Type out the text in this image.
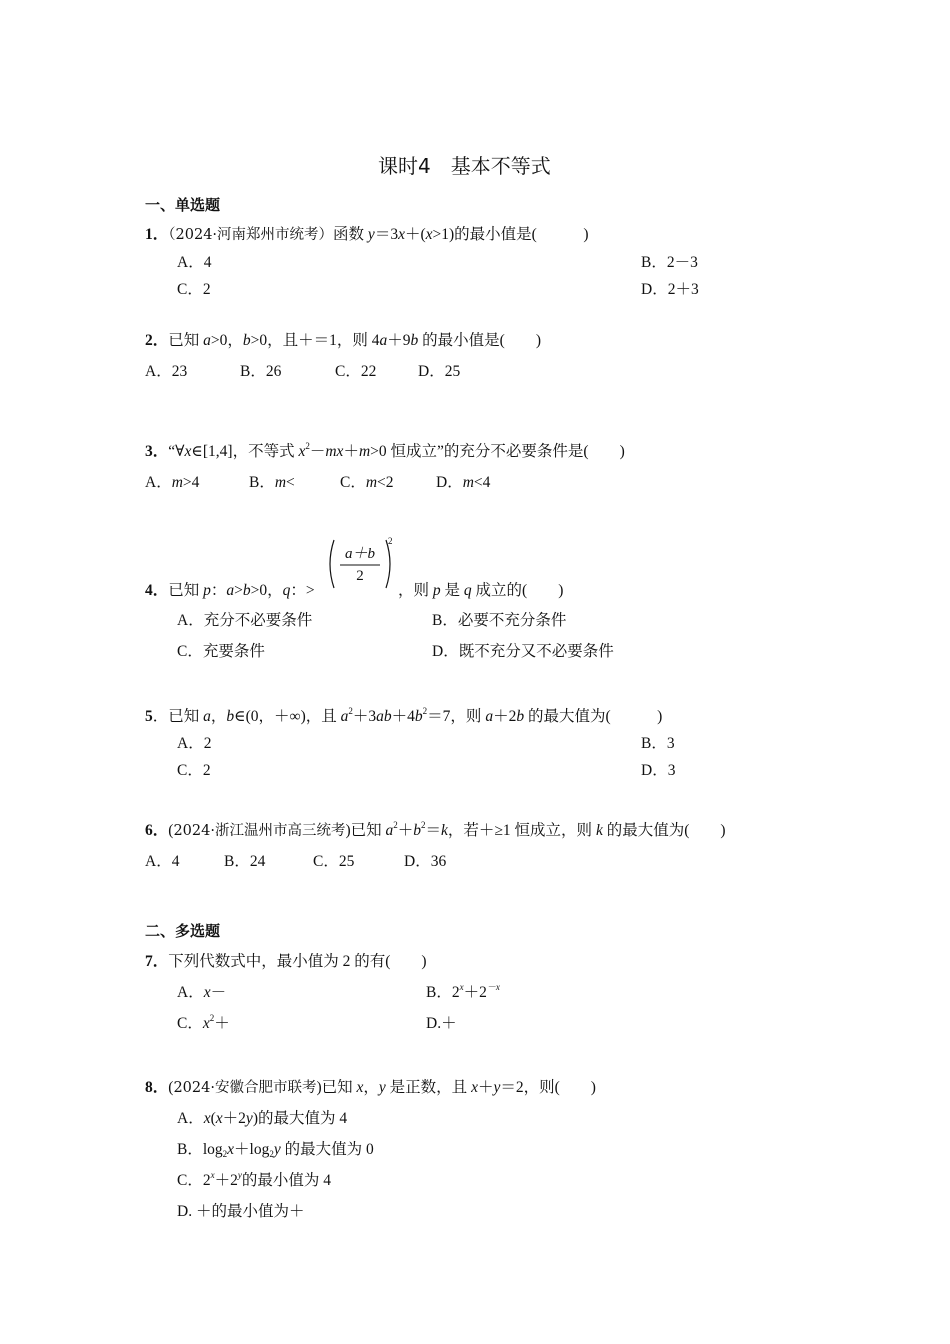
课时4　基本不等式
一、单选题
1．（2024·河南郑州市统考）函数 y＝3x＋(x>1)的最小值是(　　　)
A．4	B．2－3
C．2	D．2＋3
2．已知 a>0，b>0，且＋＝1，则 4a＋9b 的最小值是(　　)
A．23	B．26	C．22	D．25
3．“∀x∈[1,4]，不等式 $x^2-mx+m>0$ 恒成立”的充分不必要条件是(　　)
A．m>4	B．m<	C．m<2	D．m<4
4．已知 p：a>b>0，q：>
a＋b
2
2
，则 p 是 q 成立的(　　)
A．充分不必要条件	B．必要不充分条件
C．充要条件	D．既不充分又不必要条件
5．已知 a，b∈(0，＋∞)，且 $a^2+3ab+4b^2=7$，则 a＋2b 的最大值为(　　　)
A．2	B．3
C．2	D．3
6．(2024·浙江温州市高三统考)已知 $a^2+b^2=k$，若＋≥1 恒成立，则 k 的最大值为(　　)
A．4	B．24	C．25	D．36
二、多选题
7．下列代数式中，最小值为 2 的有(　　)
A．x－	B．$2^x+2^{-x}$
C．$x^2+$	D.＋
8．(2024·安徽合肥市联考)已知 x，y 是正数，且 x＋y＝2，则(　　)
A．x(x＋2y)的最大值为 4
B．$\log_2x+\log_2y$ 的最大值为 0
C．$2^x+2^y$的最小值为 4
D. ＋的最小值为＋
